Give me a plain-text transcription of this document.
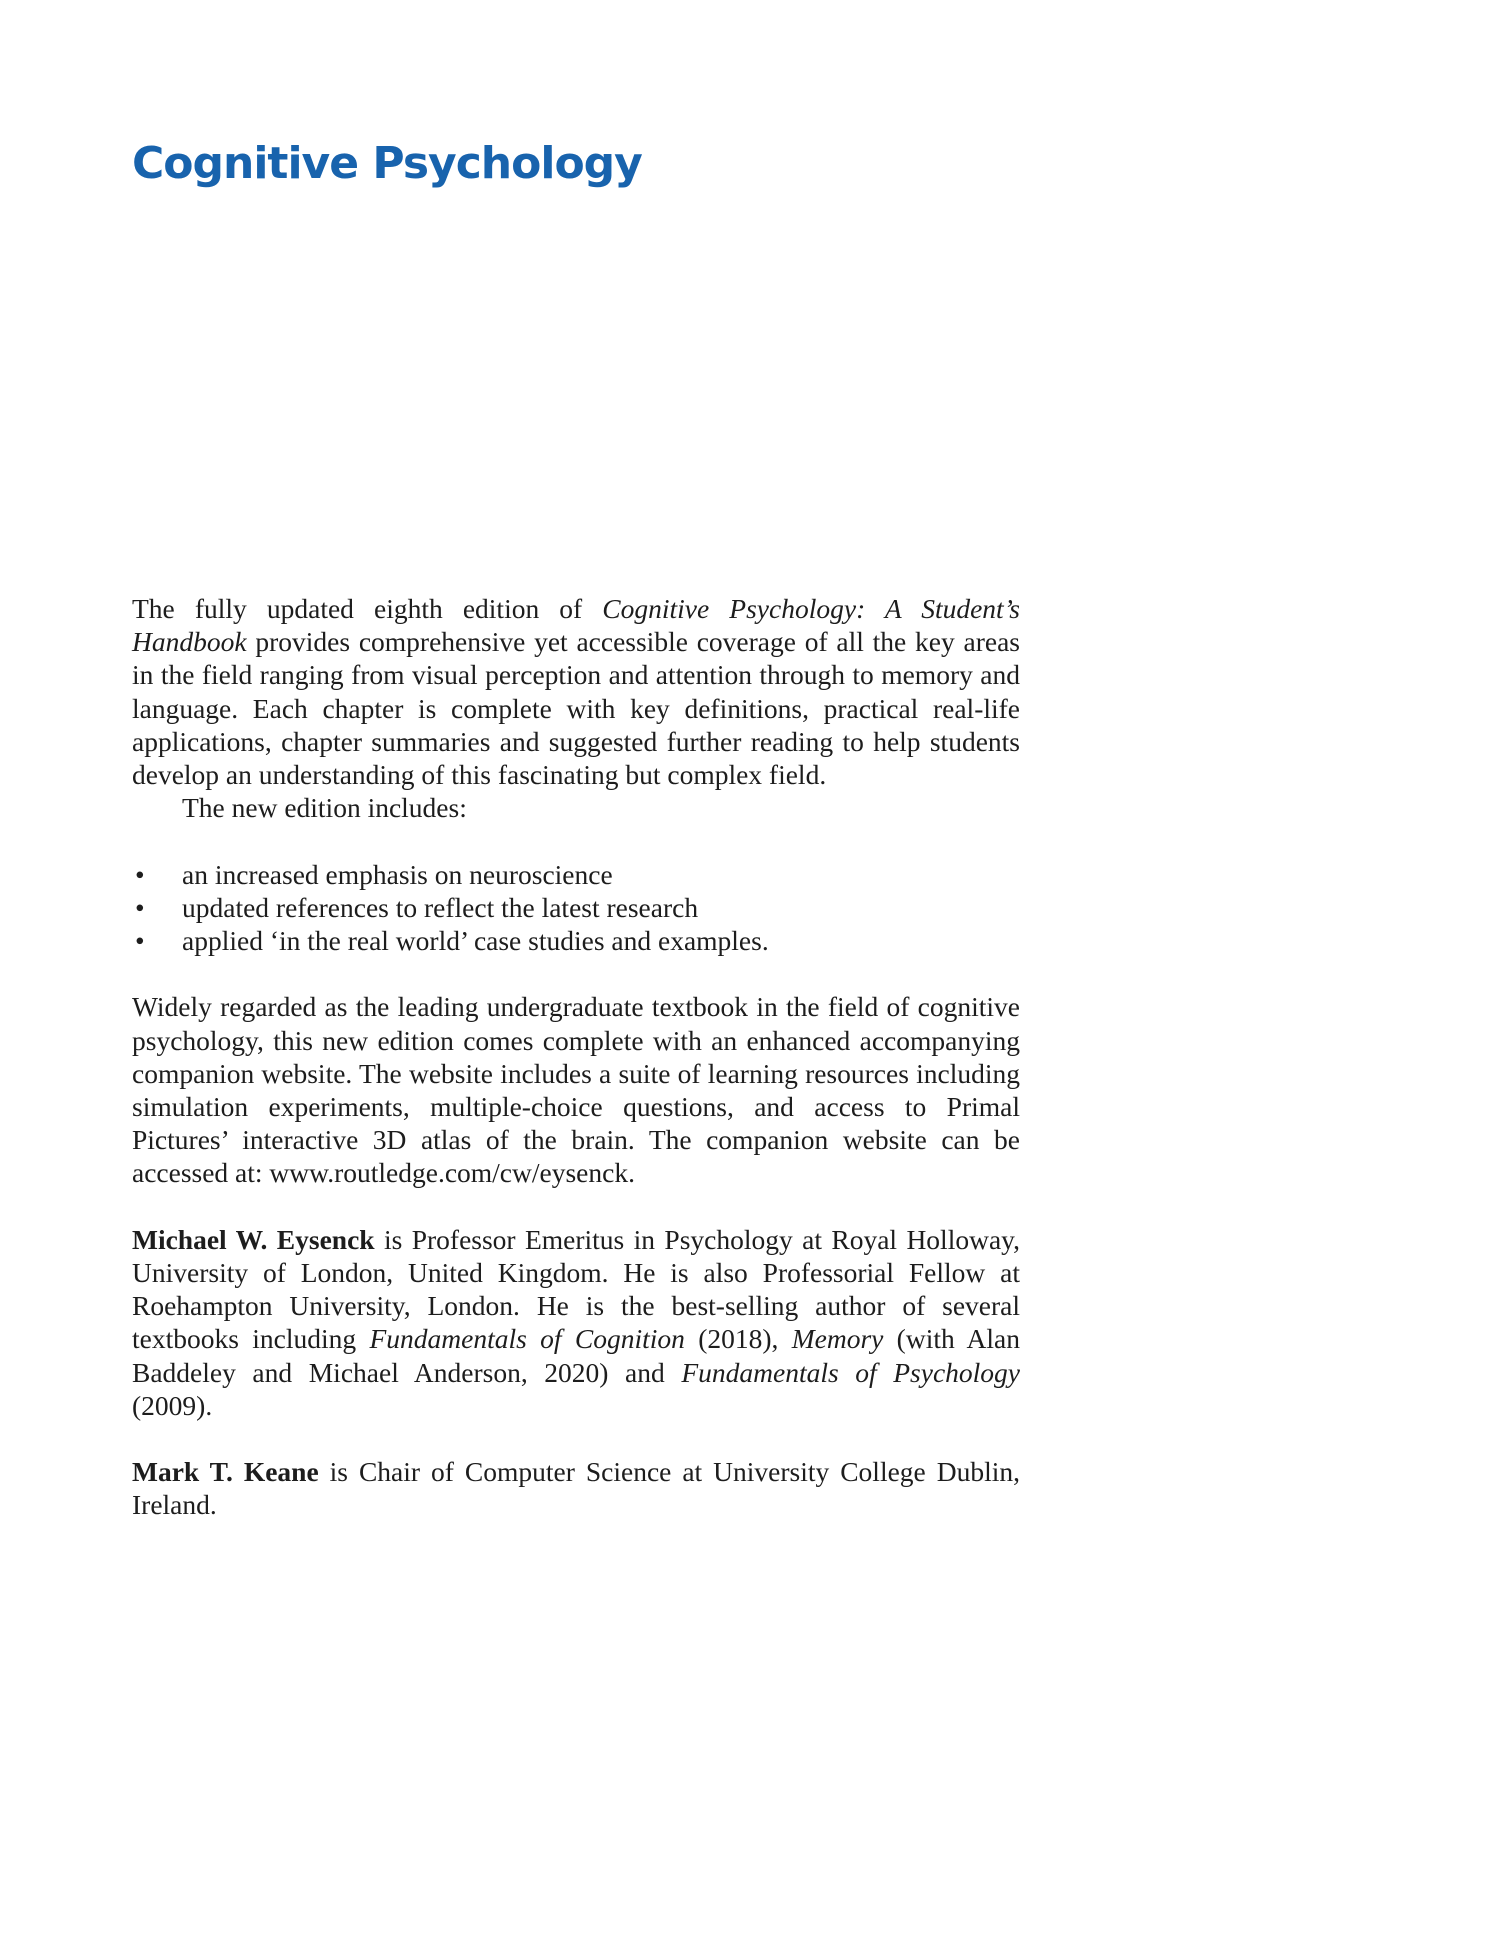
Cognitive Psychology

The fully updated eighth edition of Cognitive Psychology: A Student’s Handbook provides comprehensive yet accessible coverage of all the key areas in the field ranging from visual perception and attention through to memory and language. Each chapter is complete with key definitions, practical real-life applications, chapter summaries and suggested further reading to help students develop an understanding of this fascinating but complex field.

The new edition includes:

• an increased emphasis on neuroscience
• updated references to reflect the latest research
• applied ‘in the real world’ case studies and examples.

Widely regarded as the leading undergraduate textbook in the field of cognitive psychology, this new edition comes complete with an enhanced accompanying companion website. The website includes a suite of learning resources including simulation experiments, multiple-choice questions, and access to Primal Pictures’ interactive 3D atlas of the brain. The companion website can be accessed at: www.routledge.com/cw/eysenck.

Michael W. Eysenck is Professor Emeritus in Psychology at Royal Holloway, University of London, United Kingdom. He is also Professorial Fellow at Roehampton University, London. He is the best-selling author of several textbooks including Fundamentals of Cognition (2018), Memory (with Alan Baddeley and Michael Anderson, 2020) and Fundamentals of Psychology (2009).

Mark T. Keane is Chair of Computer Science at University College Dublin, Ireland.
